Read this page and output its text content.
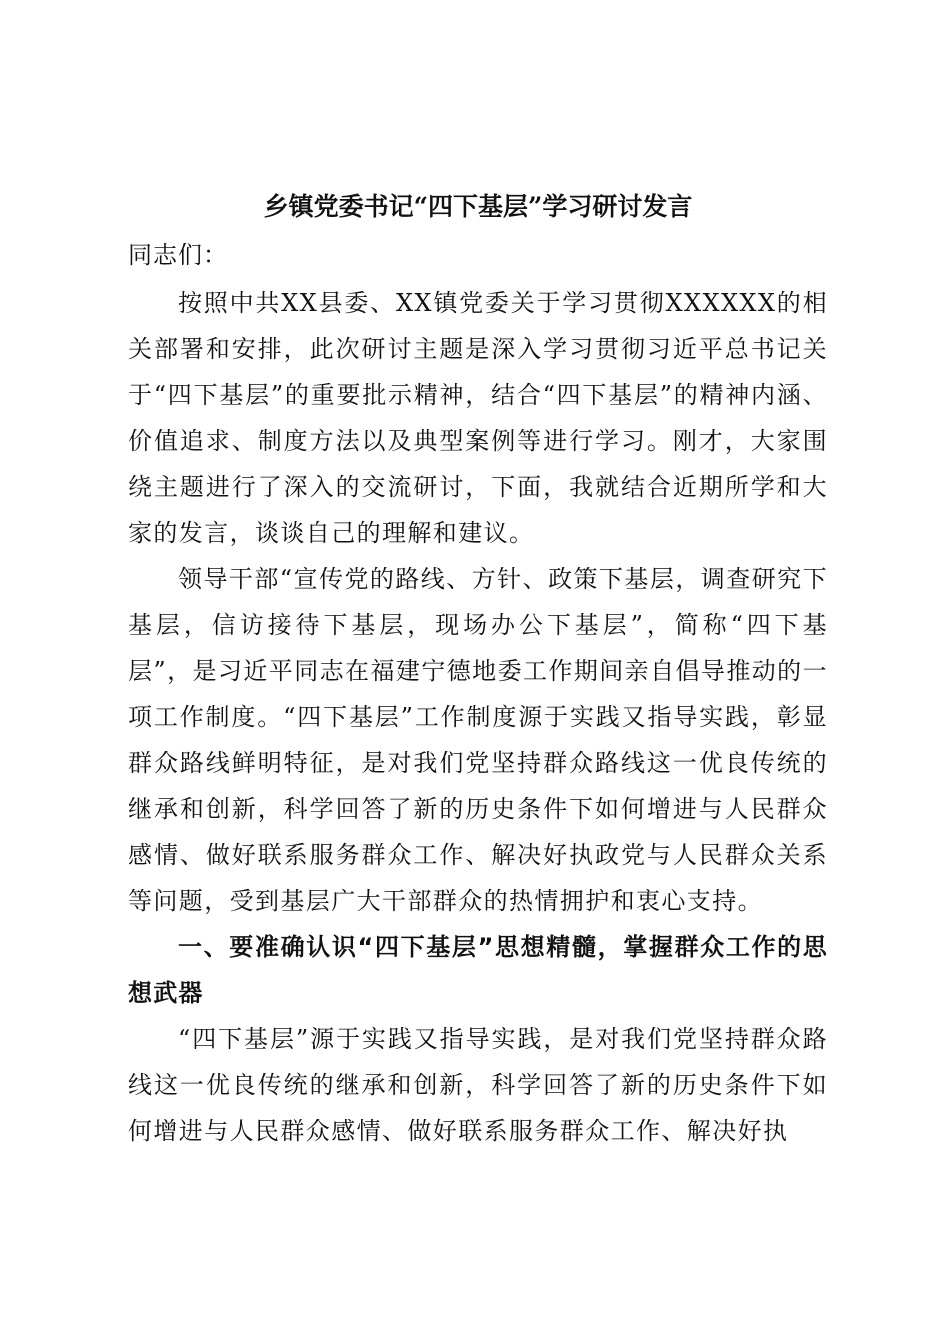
乡镇党委书记“四下基层”学习研讨发言

同志们：

按照中共XX县委、XX镇党委关于学习贯彻XXXXXX的相关部署和安排，此次研讨主题是深入学习贯彻习近平总书记关于“四下基层”的重要批示精神，结合“四下基层”的精神内涵、价值追求、制度方法以及典型案例等进行学习。刚才，大家围绕主题进行了深入的交流研讨，下面，我就结合近期所学和大家的发言，谈谈自己的理解和建议。

领导干部“宣传党的路线、方针、政策下基层，调查研究下基层，信访接待下基层，现场办公下基层”，简称“四下基层”，是习近平同志在福建宁德地委工作期间亲自倡导推动的一项工作制度。“四下基层”工作制度源于实践又指导实践，彰显群众路线鲜明特征，是对我们党坚持群众路线这一优良传统的继承和创新，科学回答了新的历史条件下如何增进与人民群众感情、做好联系服务群众工作、解决好执政党与人民群众关系等问题，受到基层广大干部群众的热情拥护和衷心支持。

一、要准确认识“四下基层”思想精髓，掌握群众工作的思想武器

“四下基层”源于实践又指导实践，是对我们党坚持群众路线这一优良传统的继承和创新，科学回答了新的历史条件下如何增进与人民群众感情、做好联系服务群众工作、解决好执
